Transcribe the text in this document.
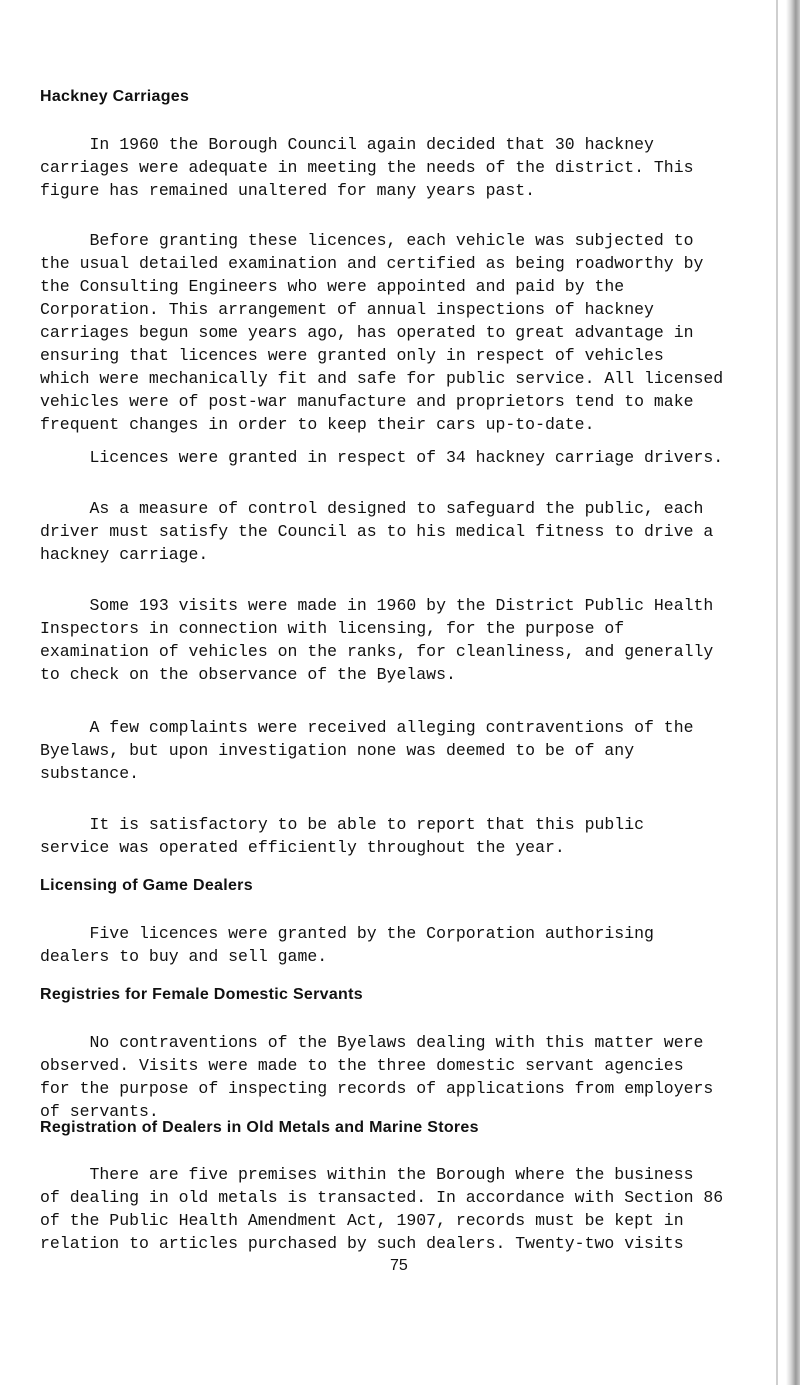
Hackney Carriages
In 1960 the Borough Council again decided that 30 hackney
carriages were adequate in meeting the needs of the district. This
figure has remained unaltered for many years past.
Before granting these licences, each vehicle was subjected to
the usual detailed examination and certified as being roadworthy by
the Consulting Engineers who were appointed and paid by the
Corporation. This arrangement of annual inspections of hackney
carriages begun some years ago, has operated to great advantage in
ensuring that licences were granted only in respect of vehicles
which were mechanically fit and safe for public service. All licensed
vehicles were of post-war manufacture and proprietors tend to make
frequent changes in order to keep their cars up-to-date.
Licences were granted in respect of 34 hackney carriage drivers.
As a measure of control designed to safeguard the public, each
driver must satisfy the Council as to his medical fitness to drive a
hackney carriage.
Some 193 visits were made in 1960 by the District Public Health
Inspectors in connection with licensing, for the purpose of
examination of vehicles on the ranks, for cleanliness, and generally
to check on the observance of the Byelaws.
A few complaints were received alleging contraventions of the
Byelaws, but upon investigation none was deemed to be of any
substance.
It is satisfactory to be able to report that this public
service was operated efficiently throughout the year.
Licensing of Game Dealers
Five licences were granted by the Corporation authorising
dealers to buy and sell game.
Registries for Female Domestic Servants
No contraventions of the Byelaws dealing with this matter were
observed. Visits were made to the three domestic servant agencies
for the purpose of inspecting records of applications from employers
of servants.
Registration of Dealers in Old Metals and Marine Stores
There are five premises within the Borough where the business
of dealing in old metals is transacted. In accordance with Section 86
of the Public Health Amendment Act, 1907, records must be kept in
relation to articles purchased by such dealers. Twenty-two visits
75
